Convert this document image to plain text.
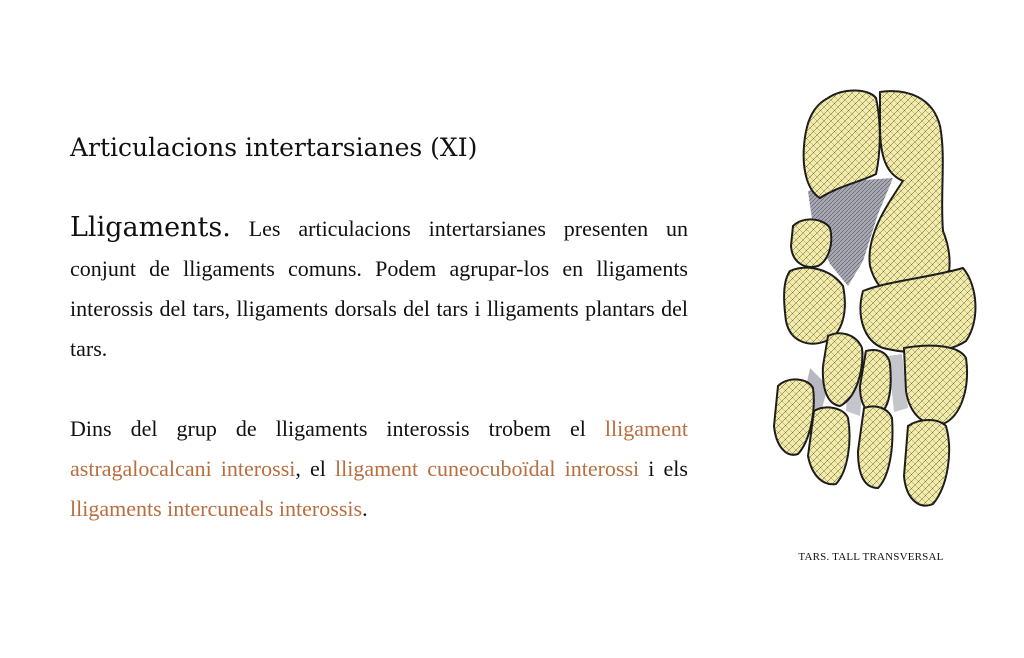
Articulacions intertarsianes (XI)

Lligaments. Les articulacions intertarsianes presenten un conjunt de lligaments comuns. Podem agrupar-los en lligaments interossis del tars, lligaments dorsals del tars i lligaments plantars del tars.

Dins del grup de lligaments interossis trobem el lligament astragalocalcani interossi, el lligament cuneocuboïdal interossi i els lligaments intercuneals interossis.

TARS. TALL TRANSVERSAL
